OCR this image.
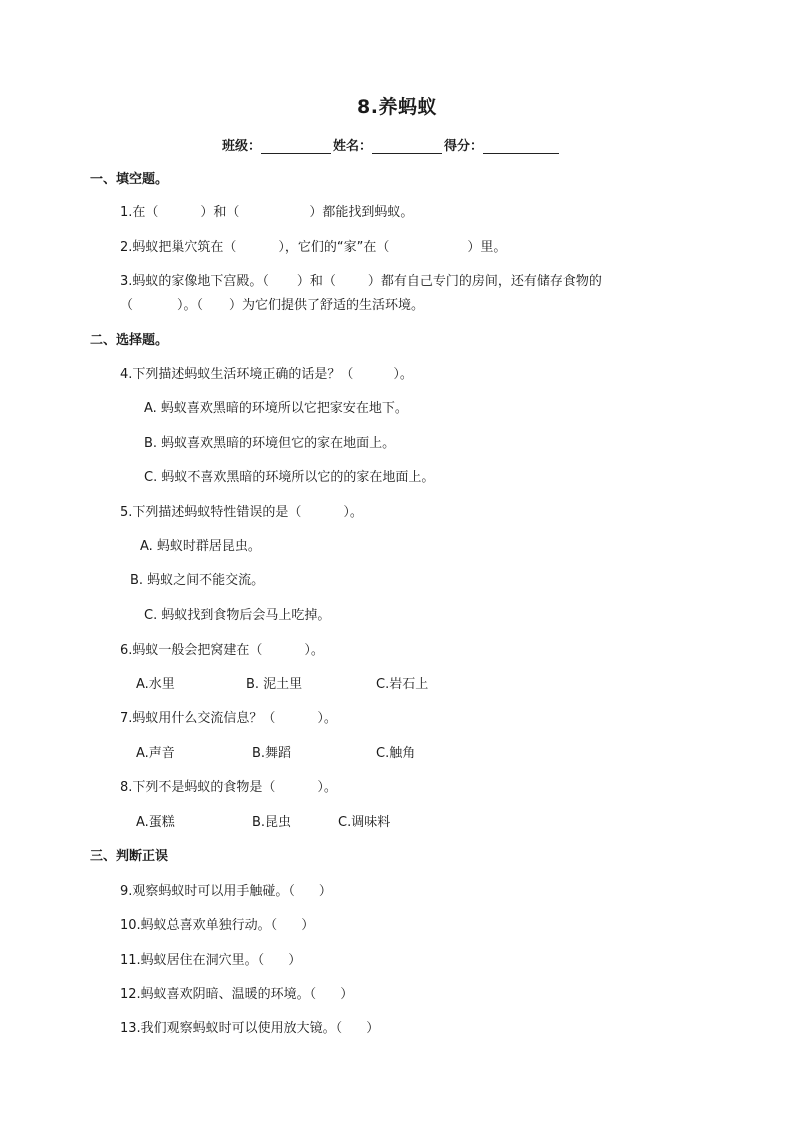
8.养蚂蚁
班级：	姓名：	得分：
一、填空题。
1.在（	）和（	）都能找到蚂蚁。
2.蚂蚁把巢穴筑在（	），它们的“家”在（	）里。
3.蚂蚁的家像地下宫殿。（ ）和（ ）都有自己专门的房间，还有储存食物的
（	）。（ ）为它们提供了舒适的生活环境。
二、选择题。
4.下列描述蚂蚁生活环境正确的话是？（	）。
A. 蚂蚁喜欢黑暗的环境所以它把家安在地下。
B. 蚂蚁喜欢黑暗的环境但它的家在地面上。
C. 蚂蚁不喜欢黑暗的环境所以它的的家在地面上。
5.下列描述蚂蚁特性错误的是（	）。
A. 蚂蚁时群居昆虫。
B. 蚂蚁之间不能交流。
C. 蚂蚁找到食物后会马上吃掉。
6.蚂蚁一般会把窝建在（	）。
A.水里	B. 泥土里	C.岩石上
7.蚂蚁用什么交流信息？（	）。
A.声音	B.舞蹈	C.触角
8.下列不是蚂蚁的食物是（	）。
A.蛋糕	B.昆虫	C.调味料
三、判断正误
9.观察蚂蚁时可以用手触碰。（ ）
10.蚂蚁总喜欢单独行动。（ ）
11.蚂蚁居住在洞穴里。（ ）
12.蚂蚁喜欢阴暗、温暖的环境。（ ）
13.我们观察蚂蚁时可以使用放大镜。（ ）
